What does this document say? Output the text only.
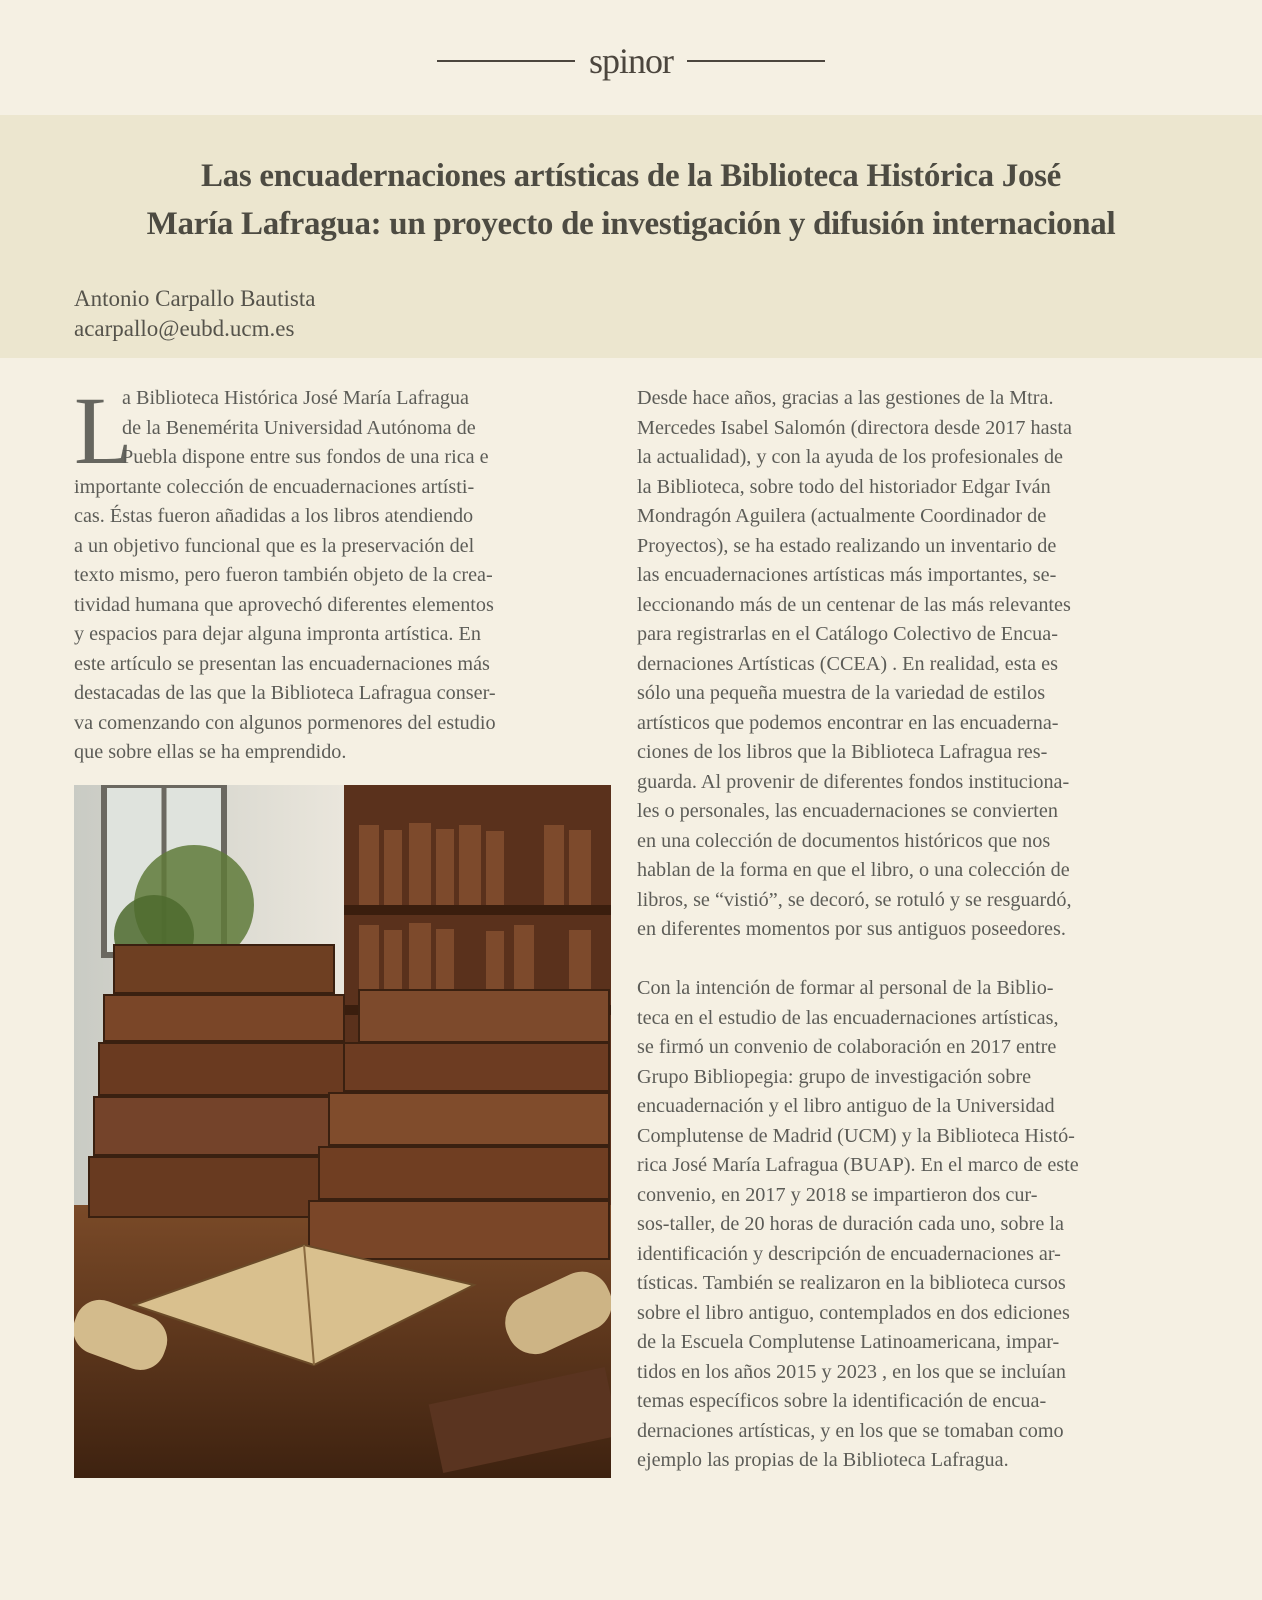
spinor
Las encuadernaciones artísticas de la Biblioteca Histórica José
María Lafragua: un proyecto de investigación y difusión internacional
Antonio Carpallo Bautista
acarpallo@eubd.ucm.es
L
a Biblioteca Histórica José María Lafragua
de la Benemérita Universidad Autónoma de
Puebla dispone entre sus fondos de una rica e
importante colección de encuadernaciones artísti-
cas. Éstas fueron añadidas a los libros atendiendo
a un objetivo funcional que es la preservación del
texto mismo, pero fueron también objeto de la crea-
tividad humana que aprovechó diferentes elementos
y espacios para dejar alguna impronta artística. En
este artículo se presentan las encuadernaciones más
destacadas de las que la Biblioteca Lafragua conser-
va comenzando con algunos pormenores del estudio
que sobre ellas se ha emprendido.
Desde hace años, gracias a las gestiones de la Mtra.
Mercedes Isabel Salomón (directora desde 2017 hasta
la actualidad), y con la ayuda de los profesionales de
la Biblioteca, sobre todo del historiador Edgar Iván
Mondragón Aguilera (actualmente Coordinador de
Proyectos), se ha estado realizando un inventario de
las encuadernaciones artísticas más importantes, se-
leccionando más de un centenar de las más relevantes
para registrarlas en el Catálogo Colectivo de Encua-
dernaciones Artísticas (CCEA) . En realidad, esta es
sólo una pequeña muestra de la variedad de estilos
artísticos que podemos encontrar en las encuaderna-
ciones de los libros que la Biblioteca Lafragua res-
guarda. Al provenir de diferentes fondos instituciona-
les o personales, las encuadernaciones se convierten
en una colección de documentos históricos que nos
hablan de la forma en que el libro, o una colección de
libros, se “vistió”, se decoró, se rotuló y se resguardó,
en diferentes momentos por sus antiguos poseedores.
Con la intención de formar al personal de la Biblio-
teca en el estudio de las encuadernaciones artísticas,
se firmó un convenio de colaboración en 2017 entre
Grupo Bibliopegia: grupo de investigación sobre
encuadernación y el libro antiguo de la Universidad
Complutense de Madrid (UCM) y la Biblioteca Histó-
rica José María Lafragua (BUAP). En el marco de este
convenio, en 2017 y 2018 se impartieron dos cur-
sos-taller, de 20 horas de duración cada uno, sobre la
identificación y descripción de encuadernaciones ar-
tísticas. También se realizaron en la biblioteca cursos
sobre el libro antiguo, contemplados en dos ediciones
de la Escuela Complutense Latinoamericana, impar-
tidos en los años 2015 y 2023 , en los que se incluían
temas específicos sobre la identificación de encua-
dernaciones artísticas, y en los que se tomaban como
ejemplo las propias de la Biblioteca Lafragua.
